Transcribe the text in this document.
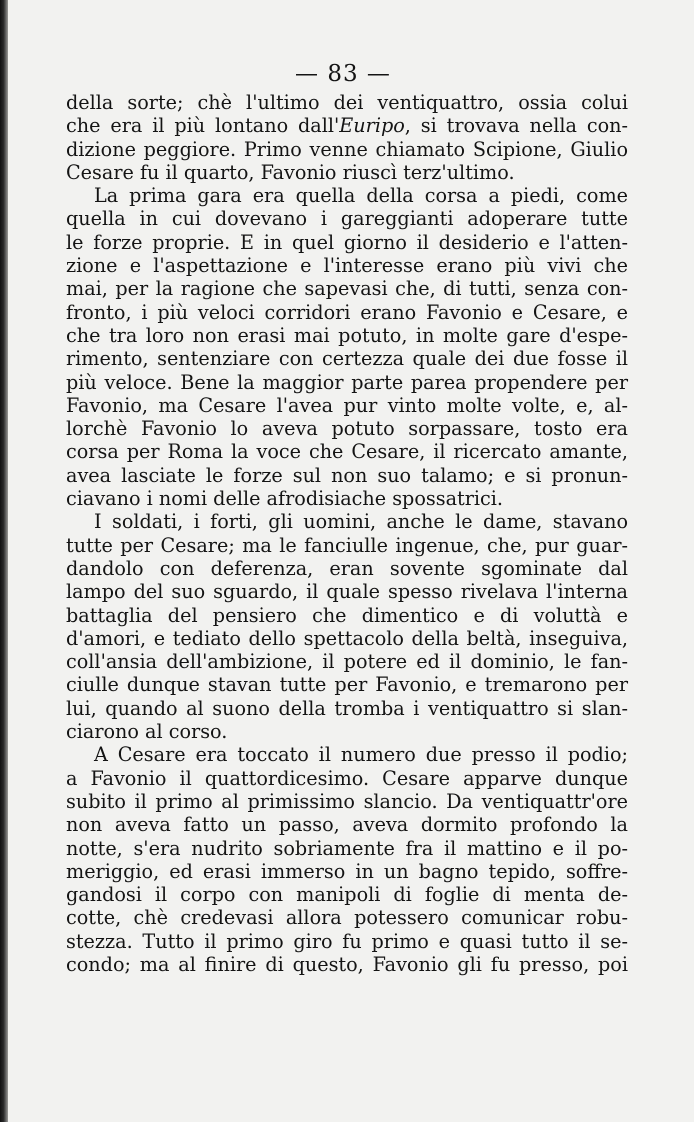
— 83 —
della sorte; chè l'ultimo dei ventiquattro, ossia colui
che era il più lontano dall'Euripo, si trovava nella con-
dizione peggiore. Primo venne chiamato Scipione, Giulio
Cesare fu il quarto, Favonio riuscì terz'ultimo.
La prima gara era quella della corsa a piedi, come
quella in cui dovevano i gareggianti adoperare tutte
le forze proprie. E in quel giorno il desiderio e l'atten-
zione e l'aspettazione e l'interesse erano più vivi che
mai, per la ragione che sapevasi che, di tutti, senza con-
fronto, i più veloci corridori erano Favonio e Cesare, e
che tra loro non erasi mai potuto, in molte gare d'espe-
rimento, sentenziare con certezza quale dei due fosse il
più veloce. Bene la maggior parte parea propendere per
Favonio, ma Cesare l'avea pur vinto molte volte, e, al-
lorchè Favonio lo aveva potuto sorpassare, tosto era
corsa per Roma la voce che Cesare, il ricercato amante,
avea lasciate le forze sul non suo talamo; e si pronun-
ciavano i nomi delle afrodisiache spossatrici.
I soldati, i forti, gli uomini, anche le dame, stavano
tutte per Cesare; ma le fanciulle ingenue, che, pur guar-
dandolo con deferenza, eran sovente sgominate dal
lampo del suo sguardo, il quale spesso rivelava l'interna
battaglia del pensiero che dimentico e di voluttà e
d'amori, e tediato dello spettacolo della beltà, inseguiva,
coll'ansia dell'ambizione, il potere ed il dominio, le fan-
ciulle dunque stavan tutte per Favonio, e tremarono per
lui, quando al suono della tromba i ventiquattro si slan-
ciarono al corso.
A Cesare era toccato il numero due presso il podio;
a Favonio il quattordicesimo. Cesare apparve dunque
subito il primo al primissimo slancio. Da ventiquattr'ore
non aveva fatto un passo, aveva dormito profondo la
notte, s'era nudrito sobriamente fra il mattino e il po-
meriggio, ed erasi immerso in un bagno tepido, soffre-
gandosi il corpo con manipoli di foglie di menta de-
cotte, chè credevasi allora potessero comunicar robu-
stezza. Tutto il primo giro fu primo e quasi tutto il se-
condo; ma al finire di questo, Favonio gli fu presso, poi
